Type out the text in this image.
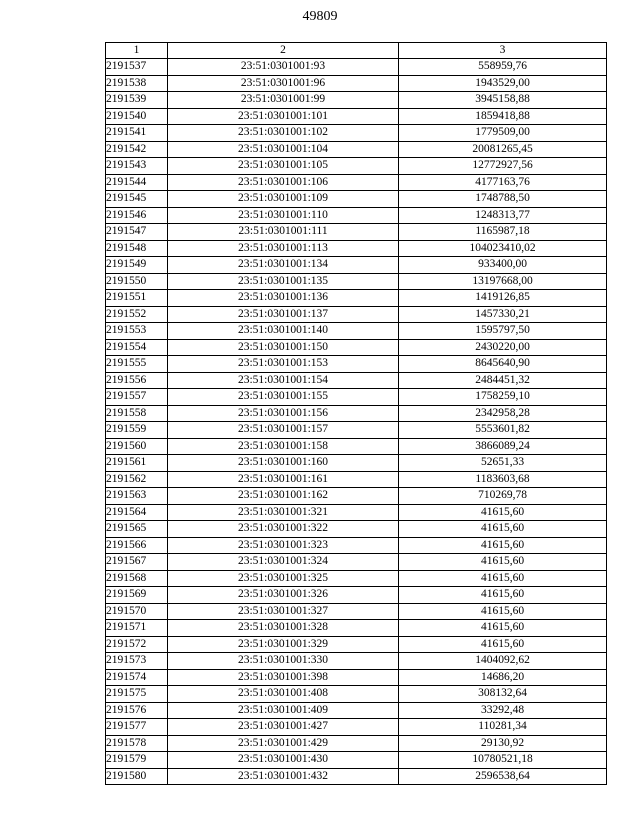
49809
1	2	3
2191537	23:51:0301001:93	558959,76
2191538	23:51:0301001:96	1943529,00
2191539	23:51:0301001:99	3945158,88
2191540	23:51:0301001:101	1859418,88
2191541	23:51:0301001:102	1779509,00
2191542	23:51:0301001:104	20081265,45
2191543	23:51:0301001:105	12772927,56
2191544	23:51:0301001:106	4177163,76
2191545	23:51:0301001:109	1748788,50
2191546	23:51:0301001:110	1248313,77
2191547	23:51:0301001:111	1165987,18
2191548	23:51:0301001:113	104023410,02
2191549	23:51:0301001:134	933400,00
2191550	23:51:0301001:135	13197668,00
2191551	23:51:0301001:136	1419126,85
2191552	23:51:0301001:137	1457330,21
2191553	23:51:0301001:140	1595797,50
2191554	23:51:0301001:150	2430220,00
2191555	23:51:0301001:153	8645640,90
2191556	23:51:0301001:154	2484451,32
2191557	23:51:0301001:155	1758259,10
2191558	23:51:0301001:156	2342958,28
2191559	23:51:0301001:157	5553601,82
2191560	23:51:0301001:158	3866089,24
2191561	23:51:0301001:160	52651,33
2191562	23:51:0301001:161	1183603,68
2191563	23:51:0301001:162	710269,78
2191564	23:51:0301001:321	41615,60
2191565	23:51:0301001:322	41615,60
2191566	23:51:0301001:323	41615,60
2191567	23:51:0301001:324	41615,60
2191568	23:51:0301001:325	41615,60
2191569	23:51:0301001:326	41615,60
2191570	23:51:0301001:327	41615,60
2191571	23:51:0301001:328	41615,60
2191572	23:51:0301001:329	41615,60
2191573	23:51:0301001:330	1404092,62
2191574	23:51:0301001:398	14686,20
2191575	23:51:0301001:408	308132,64
2191576	23:51:0301001:409	33292,48
2191577	23:51:0301001:427	110281,34
2191578	23:51:0301001:429	29130,92
2191579	23:51:0301001:430	10780521,18
2191580	23:51:0301001:432	2596538,64
